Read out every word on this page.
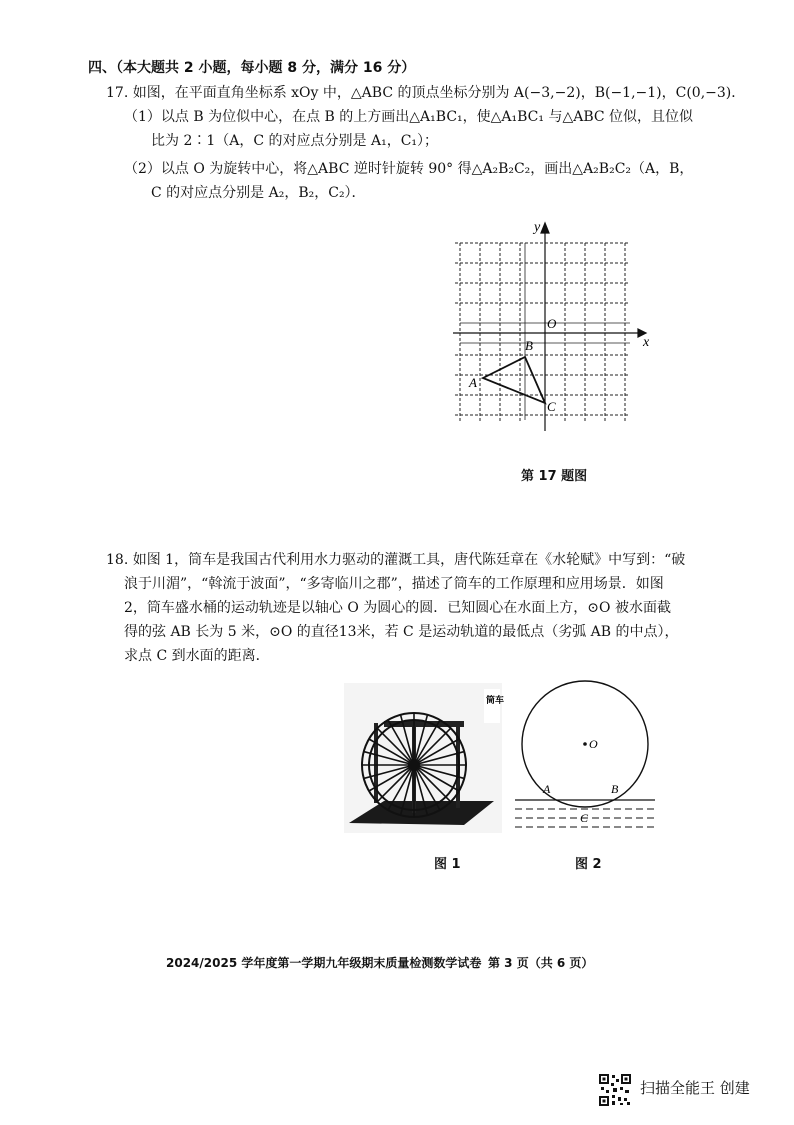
四、（本大题共 2 小题，每小题 8 分，满分 16 分）
17. 如图，在平面直角坐标系 xOy 中，△ABC 的顶点坐标分别为 A(−3,−2)，B(−1,−1)，C(0,−3)．
（1）以点 B 为位似中心，在点 B 的上方画出△A₁BC₁，使△A₁BC₁ 与△ABC 位似，且位似
比为 2∶1（A，C 的对应点分别是 A₁，C₁）；
（2）以点 O 为旋转中心，将△ABC 逆时针旋转 90° 得△A₂B₂C₂，画出△A₂B₂C₂（A，B，
C 的对应点分别是 A₂，B₂，C₂）．
x
y
O
A
B
C
第 17 题图
18. 如图 1，筒车是我国古代利用水力驱动的灌溉工具，唐代陈廷章在《水轮赋》中写到：“破
浪于川湄”，“斡流于波面”，“多寄临川之郡”，描述了筒车的工作原理和应用场景．如图
2，筒车盛水桶的运动轨迹是以轴心 O 为圆心的圆．已知圆心在水面上方，⊙O 被水面截
得的弦 AB 长为 5 米，⊙O 的直径13米，若 C 是运动轨道的最低点（劣弧 AB 的中点），
求点 C 到水面的距离．
筒车
图 1
O
A	B
C
图 2
2024/2025 学年度第一学期九年级期末质量检测数学试卷 第 3 页（共 6 页）
扫描全能王 创建
